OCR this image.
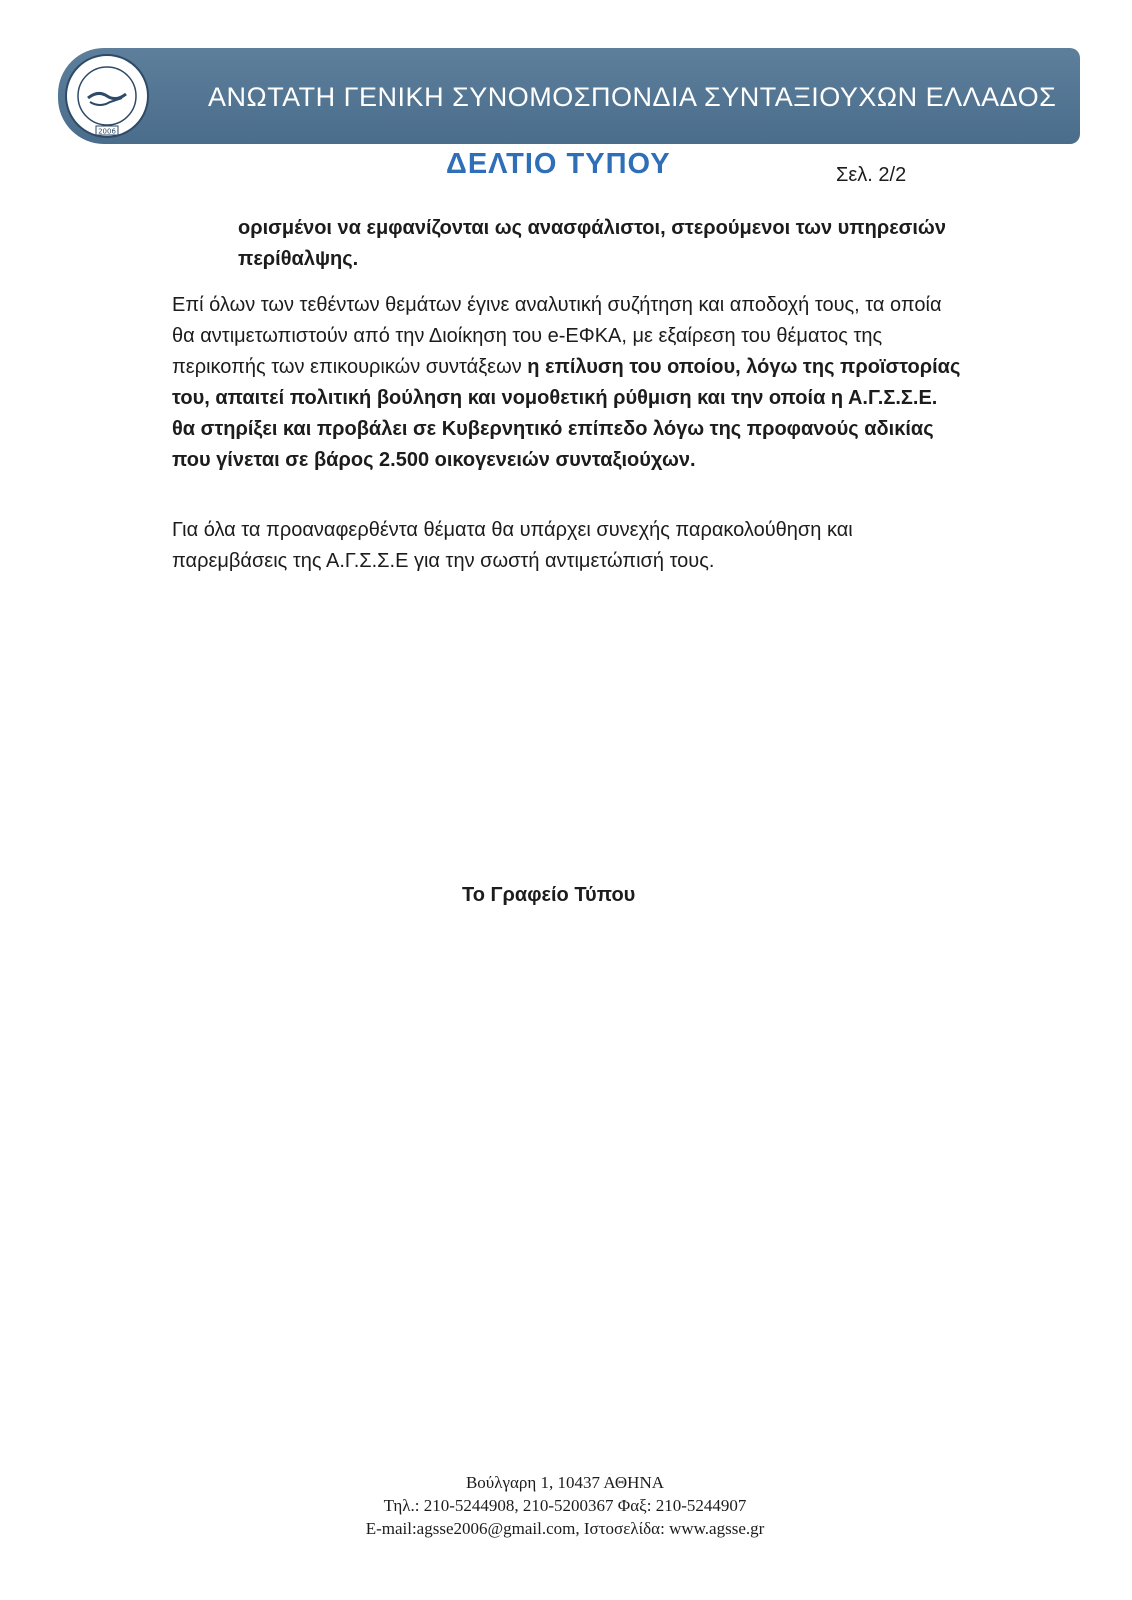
2006
ΑΝΩΤΑΤΗ ΓΕΝΙΚΗ ΣΥΝΟΜΟΣΠΟΝΔΙΑ ΣΥΝΤΑΞΙΟΥΧΩΝ ΕΛΛΑΔΟΣ
ΔΕΛΤΙΟ ΤΥΠΟΥ	Σελ. 2/2
ορισμένοι να εμφανίζονται ως ανασφάλιστοι, στερούμενοι των υπηρεσιών περίθαλψης.
Επί όλων των τεθέντων θεμάτων έγινε αναλυτική συζήτηση και αποδοχή τους, τα οποία θα αντιμετωπιστούν από την Διοίκηση του e-ΕΦΚΑ, με εξαίρεση του θέματος της περικοπής των επικουρικών συντάξεων η επίλυση του οποίου, λόγω της προϊστορίας του, απαιτεί πολιτική βούληση και νομοθετική ρύθμιση και την οποία η Α.Γ.Σ.Σ.Ε. θα στηρίξει και προβάλει σε Κυβερνητικό επίπεδο λόγω της προφανούς αδικίας που γίνεται σε βάρος 2.500 οικογενειών συνταξιούχων.
Για όλα τα προαναφερθέντα θέματα θα υπάρχει συνεχής παρακολούθηση και παρεμβάσεις της Α.Γ.Σ.Σ.Ε για την σωστή αντιμετώπισή τους.
Το Γραφείο Τύπου
Βούλγαρη 1, 10437 ΑΘΗΝΑ
Τηλ.: 210-5244908, 210-5200367 Φαξ: 210-5244907
E-mail:agsse2006@gmail.com, Ιστοσελίδα: www.agsse.gr
